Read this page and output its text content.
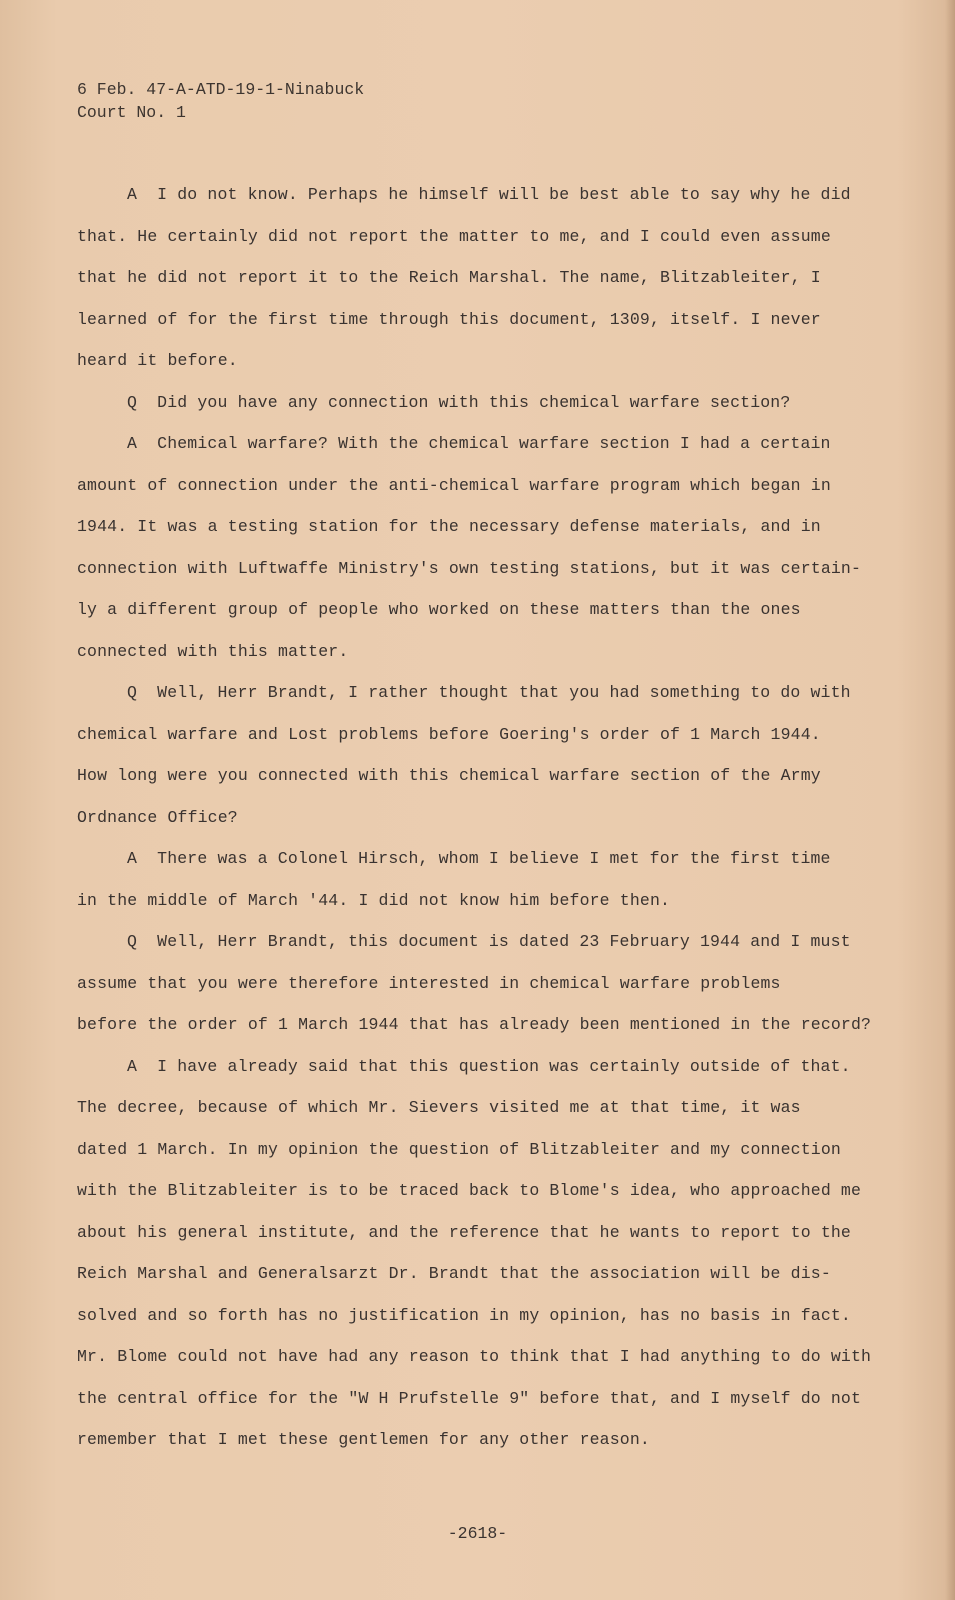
6 Feb. 47-A-ATD-19-1-Ninabuck
Court No. 1
A  I do not know. Perhaps he himself will be best able to say why he did
that. He certainly did not report the matter to me, and I could even assume
that he did not report it to the Reich Marshal. The name, Blitzableiter, I
learned of for the first time through this document, 1309, itself. I never
heard it before.
Q  Did you have any connection with this chemical warfare section?
A  Chemical warfare? With the chemical warfare section I had a certain
amount of connection under the anti-chemical warfare program which began in
1944. It was a testing station for the necessary defense materials, and in
connection with Luftwaffe Ministry's own testing stations, but it was certain-
ly a different group of people who worked on these matters than the ones
connected with this matter.
Q  Well, Herr Brandt, I rather thought that you had something to do with
chemical warfare and Lost problems before Goering's order of 1 March 1944.
How long were you connected with this chemical warfare section of the Army
Ordnance Office?
A  There was a Colonel Hirsch, whom I believe I met for the first time
in the middle of March '44. I did not know him before then.
Q  Well, Herr Brandt, this document is dated 23 February 1944 and I must
assume that you were therefore interested in chemical warfare problems
before the order of 1 March 1944 that has already been mentioned in the record?
A  I have already said that this question was certainly outside of that.
The decree, because of which Mr. Sievers visited me at that time, it was
dated 1 March. In my opinion the question of Blitzableiter and my connection
with the Blitzableiter is to be traced back to Blome's idea, who approached me
about his general institute, and the reference that he wants to report to the
Reich Marshal and Generalsarzt Dr. Brandt that the association will be dis-
solved and so forth has no justification in my opinion, has no basis in fact.
Mr. Blome could not have had any reason to think that I had anything to do with
the central office for the "W H Prufstelle 9" before that, and I myself do not
remember that I met these gentlemen for any other reason.
-2618-
